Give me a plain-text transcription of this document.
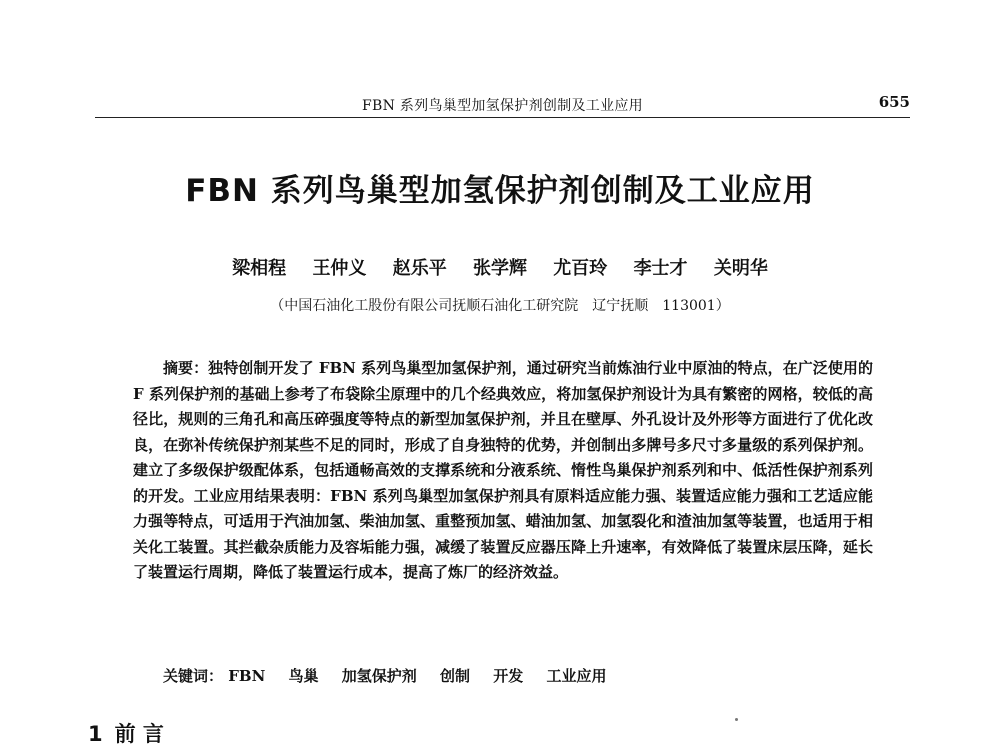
FBN 系列鸟巢型加氢保护剂创制及工业应用	655
FBN 系列鸟巢型加氢保护剂创制及工业应用
梁相程 王仲义 赵乐平 张学辉 尤百玲 李士才 关明华
（中国石油化工股份有限公司抚顺石油化工研究院　辽宁抚顺　113001）
摘要：独特创制开发了 FBN 系列鸟巢型加氢保护剂，通过研究当前炼油行业中原油的特点，在广泛使用的 F 系列保护剂的基础上参考了布袋除尘原理中的几个经典效应，将加氢保护剂设计为具有繁密的网格，较低的高径比，规则的三角孔和高压碎强度等特点的新型加氢保护剂，并且在壁厚、外孔设计及外形等方面进行了优化改良，在弥补传统保护剂某些不足的同时，形成了自身独特的优势，并创制出多牌号多尺寸多量级的系列保护剂。建立了多级保护级配体系，包括通畅高效的支撑系统和分液系统、惰性鸟巢保护剂系列和中、低活性保护剂系列的开发。工业应用结果表明：FBN 系列鸟巢型加氢保护剂具有原料适应能力强、装置适应能力强和工艺适应能力强等特点，可适用于汽油加氢、柴油加氢、重整预加氢、蜡油加氢、加氢裂化和渣油加氢等装置，也适用于相关化工装置。其拦截杂质能力及容垢能力强，减缓了装置反应器压降上升速率，有效降低了装置床层压降，延长了装置运行周期，降低了装置运行成本，提高了炼厂的经济效益。
关键词： FBN 鸟巢 加氢保护剂 创制 开发 工业应用
1 前 言
